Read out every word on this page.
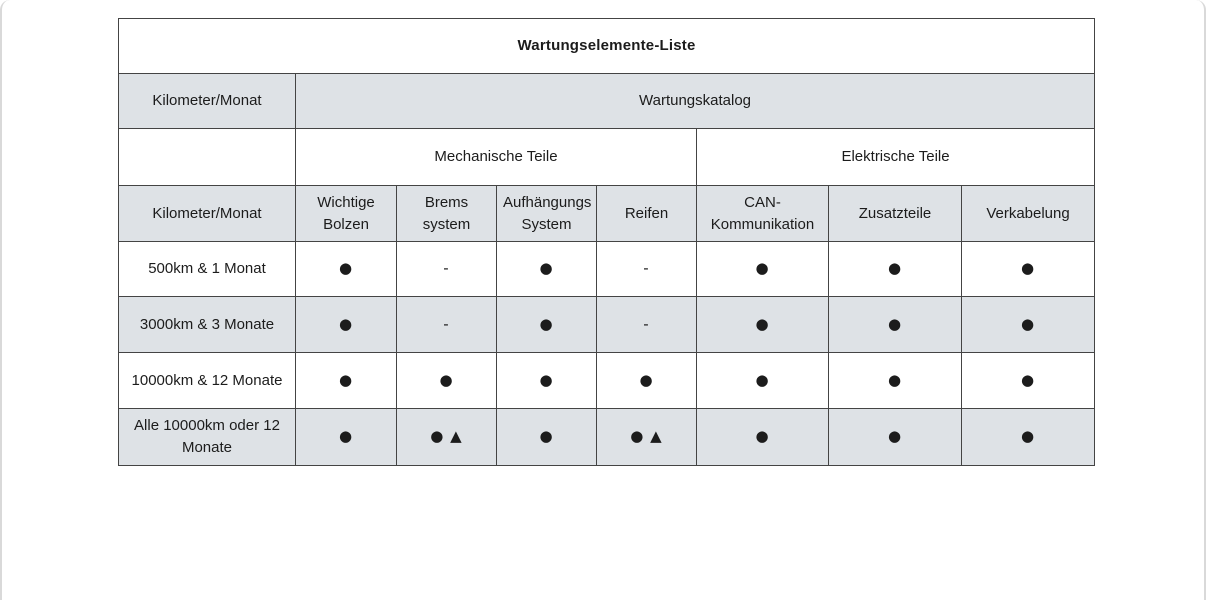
Wartungselemente-Liste							
Kilometer/Monat	Wartungskatalog						
	Mechanische Teile				Elektrische Teile		
Kilometer/Monat	Wichtige Bolzen	Brems system	Aufhängungs System	Reifen	CAN-Kommunikation	Zusatzteile	Verkabelung
500km & 1 Monat	●	-	●	-	●	●	●
3000km & 3 Monate	●	-	●	-	●	●	●
10000km & 12 Monate	●	●	●	●	●	●	●
Alle 10000km oder 12 Monate	●	● ▲	●	● ▲	●	●	●
